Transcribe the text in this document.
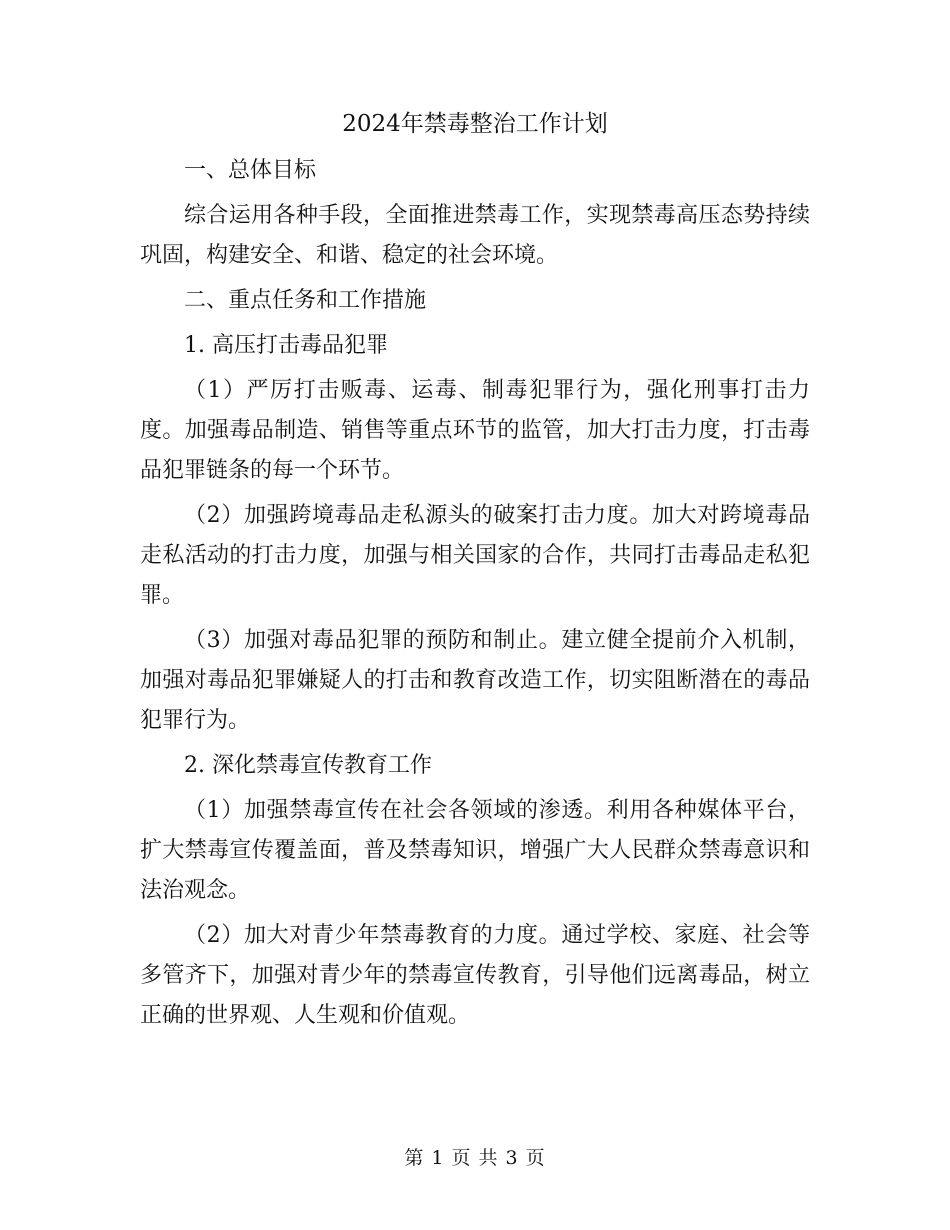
2024年禁毒整治工作计划

一、总体目标

综合运用各种手段，全面推进禁毒工作，实现禁毒高压态势持续巩固，构建安全、和谐、稳定的社会环境。

二、重点任务和工作措施

1. 高压打击毒品犯罪

（1）严厉打击贩毒、运毒、制毒犯罪行为，强化刑事打击力度。加强毒品制造、销售等重点环节的监管，加大打击力度，打击毒品犯罪链条的每一个环节。

（2）加强跨境毒品走私源头的破案打击力度。加大对跨境毒品走私活动的打击力度，加强与相关国家的合作，共同打击毒品走私犯罪。

（3）加强对毒品犯罪的预防和制止。建立健全提前介入机制，加强对毒品犯罪嫌疑人的打击和教育改造工作，切实阻断潜在的毒品犯罪行为。

2. 深化禁毒宣传教育工作

（1）加强禁毒宣传在社会各领域的渗透。利用各种媒体平台，扩大禁毒宣传覆盖面，普及禁毒知识，增强广大人民群众禁毒意识和法治观念。

（2）加大对青少年禁毒教育的力度。通过学校、家庭、社会等多管齐下，加强对青少年的禁毒宣传教育，引导他们远离毒品，树立正确的世界观、人生观和价值观。

第 1 页 共 3 页
